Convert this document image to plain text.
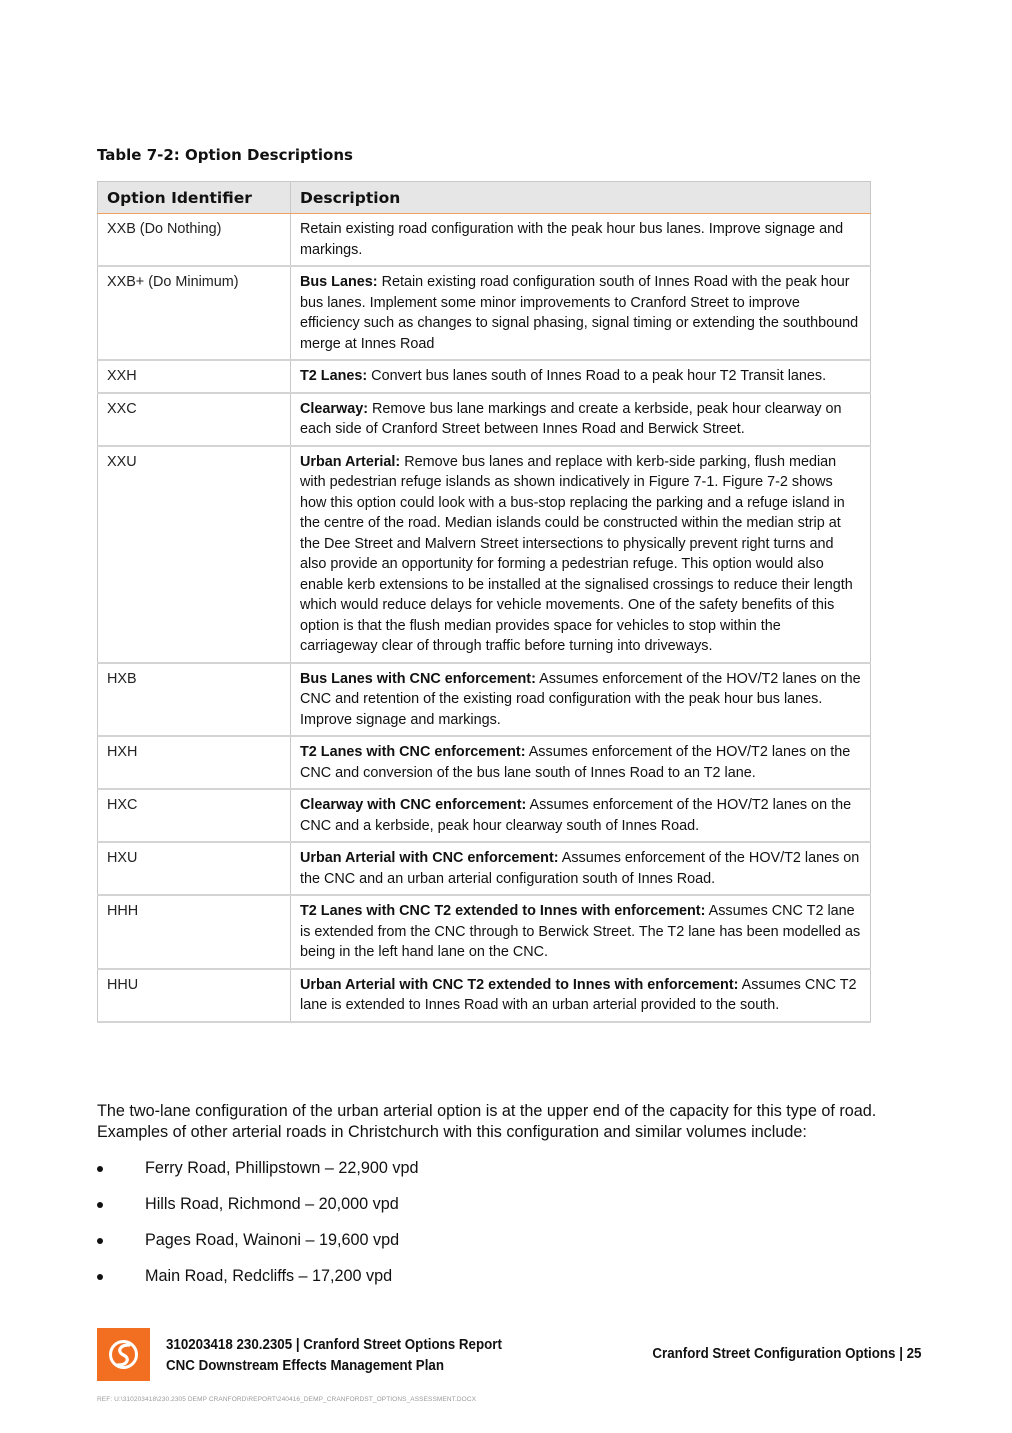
Table 7-2: Option Descriptions
Option Identifier	Description
XXB (Do Nothing)	Retain existing road configuration with the peak hour bus lanes. Improve signage and markings.
XXB+ (Do Minimum)	Bus Lanes: Retain existing road configuration south of Innes Road with the peak hour bus lanes. Implement some minor improvements to Cranford Street to improve efficiency such as changes to signal phasing, signal timing or extending the southbound merge at Innes Road
XXH	T2 Lanes: Convert bus lanes south of Innes Road to a peak hour T2 Transit lanes.
XXC	Clearway: Remove bus lane markings and create a kerbside, peak hour clearway on each side of Cranford Street between Innes Road and Berwick Street.
XXU	Urban Arterial: Remove bus lanes and replace with kerb-side parking, flush median with pedestrian refuge islands as shown indicatively in Figure 7-1. Figure 7-2 shows how this option could look with a bus-stop replacing the parking and a refuge island in the centre of the road. Median islands could be constructed within the median strip at the Dee Street and Malvern Street intersections to physically prevent right turns and also provide an opportunity for forming a pedestrian refuge. This option would also enable kerb extensions to be installed at the signalised crossings to reduce their length which would reduce delays for vehicle movements. One of the safety benefits of this option is that the flush median provides space for vehicles to stop within the carriageway clear of through traffic before turning into driveways.
HXB	Bus Lanes with CNC enforcement: Assumes enforcement of the HOV/T2 lanes on the CNC and retention of the existing road configuration with the peak hour bus lanes. Improve signage and markings.
HXH	T2 Lanes with CNC enforcement: Assumes enforcement of the HOV/T2 lanes on the CNC and conversion of the bus lane south of Innes Road to an T2 lane.
HXC	Clearway with CNC enforcement: Assumes enforcement of the HOV/T2 lanes on the CNC and a kerbside, peak hour clearway south of Innes Road.
HXU	Urban Arterial with CNC enforcement: Assumes enforcement of the HOV/T2 lanes on the CNC and an urban arterial configuration south of Innes Road.
HHH	T2 Lanes with CNC T2 extended to Innes with enforcement: Assumes CNC T2 lane is extended from the CNC through to Berwick Street. The T2 lane has been modelled as being in the left hand lane on the CNC.
HHU	Urban Arterial with CNC T2 extended to Innes with enforcement: Assumes CNC T2 lane is extended to Innes Road with an urban arterial provided to the south.

The two-lane configuration of the urban arterial option is at the upper end of the capacity for this type of road. Examples of other arterial roads in Christchurch with this configuration and similar volumes include:

Ferry Road, Phillipstown – 22,900 vpd
Hills Road, Richmond – 20,000 vpd
Pages Road, Wainoni – 19,600 vpd
Main Road, Redcliffs – 17,200 vpd
310203418 230.2305 | Cranford Street Options Report
CNC Downstream Effects Management Plan
Cranford Street Configuration Options | 25
REF: U:\310203418\230.2305 DEMP CRANFORD\REPORT\240416_DEMP_CRANFORDST_OPTIONS_ASSESSMENT.DOCX
